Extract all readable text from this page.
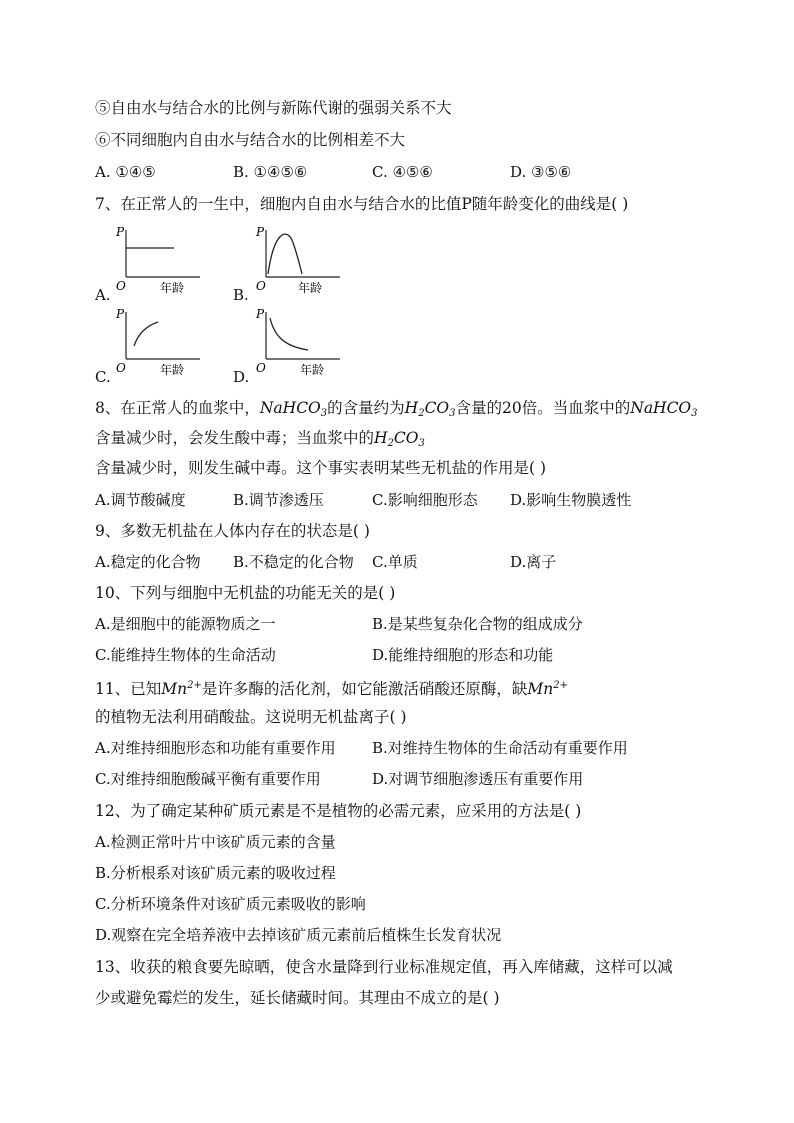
⑤自由水与结合水的比例与新陈代谢的强弱关系不大
⑥不同细胞内自由水与结合水的比例相差不大
A. ①④⑤	B. ①④⑤⑥	C. ④⑤⑥	D. ③⑤⑥
7、在正常人的一生中，细胞内自由水与结合水的比值P随年龄变化的曲线是( )
A.
P
O	年龄	B.
P
O	年龄
C.
P
O	年龄	D.
P
O	年龄
8、在正常人的血浆中，NaHCO$_3$的含量约为$H_2CO_3$含量的20倍。当血浆中的NaHCO$_3$
含量减少时，会发生酸中毒；当血浆中的$H_2CO_3$
含量减少时，则发生碱中毒。这个事实表明某些无机盐的作用是( )
A.调节酸碱度	B.调节渗透压	C.影响细胞形态 D.影响生物膜透性
9、多数无机盐在人体内存在的状态是( )
A.稳定的化合物 B.不稳定的化合物 C.单质	D.离子
10、下列与细胞中无机盐的功能无关的是( )
A.是细胞中的能源物质之一	B.是某些复杂化合物的组成成分
C.能维持生物体的生命活动	D.能维持细胞的形态和功能
11、已知$Mn^{2+}$是许多酶的活化剂，如它能激活硝酸还原酶，缺$Mn^{2+}$
的植物无法利用硝酸盐。这说明无机盐离子( )
A.对维持细胞形态和功能有重要作用 B.对维持生物体的生命活动有重要作用
C.对维持细胞酸碱平衡有重要作用	D.对调节细胞渗透压有重要作用
12、为了确定某种矿质元素是不是植物的必需元素，应采用的方法是( )
A.检测正常叶片中该矿质元素的含量
B.分析根系对该矿质元素的吸收过程
C.分析环境条件对该矿质元素吸收的影响
D.观察在完全培养液中去掉该矿质元素前后植株生长发育状况
13、收获的粮食要先晾晒，使含水量降到行业标准规定值，再入库储藏，这样可以减
少或避免霉烂的发生，延长储藏时间。其理由不成立的是( )
